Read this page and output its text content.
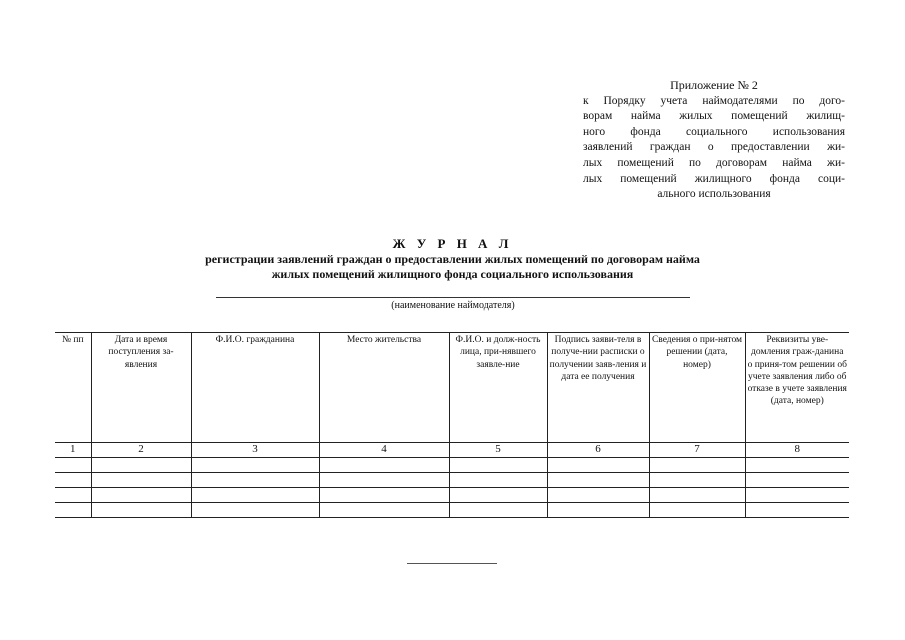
Приложение № 2
к Порядку учета наймодателями по дого-
ворам найма жилых помещений жилищ-
ного фонда социального использования
заявлений граждан о предоставлении жи-
лых помещений по договорам найма жи-
лых помещений жилищного фонда соци-
ального использования
Ж У Р Н А Л
регистрации заявлений граждан о предоставлении жилых помещений по договорам найма
жилых помещений жилищного фонда социального использования
(наименование наймодателя)
№ пп	Дата и время поступления за-явления	Ф.И.О. гражданина	Место жительства	Ф.И.О. и долж-ность лица, при-нявшего заявле-ние	Подпись заяви-теля в получе-нии расписки о получении заяв-ления и дата ее получения	Сведения о при-нятом решении (дата, номер)	Реквизиты уве-домления граж-данина о приня-том решении об учете заявления либо об отказе в учете заявления (дата, номер)
1	2	3	4	5	6	7	8
